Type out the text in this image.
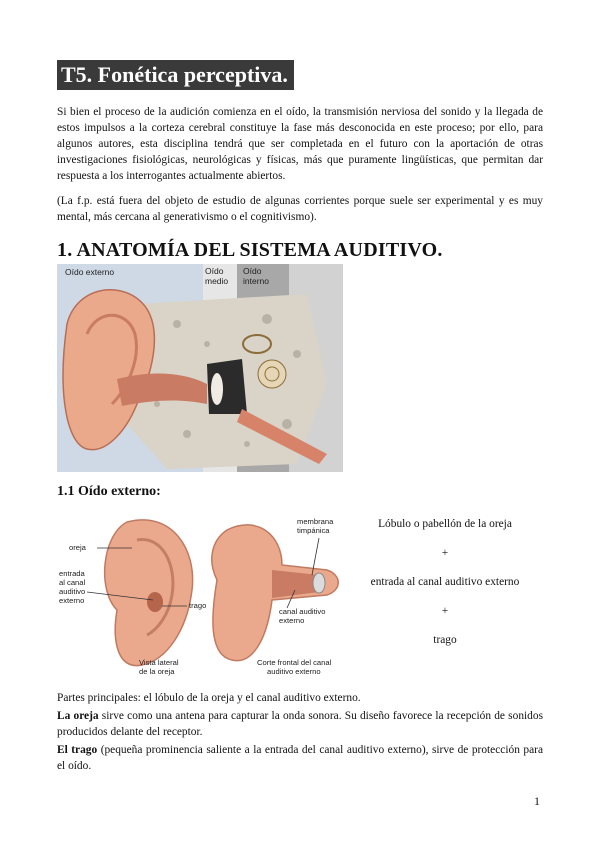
T5. Fonética perceptiva.

Si bien el proceso de la audición comienza en el oído, la transmisión nerviosa del sonido y la llegada de estos impulsos a la corteza cerebral constituye la fase más desconocida en este proceso; por ello, para algunos autores, esta disciplina tendrá que ser completada en el futuro con la aportación de otras investigaciones fisiológicas, neurológicas y físicas, más que puramente lingüísticas, que permitan dar respuesta a los interrogantes actualmente abiertos.

(La f.p. está fuera del objeto de estudio de algunas corrientes porque suele ser experimental y es muy mental, más cercana al generativismo o el cognitivismo).

1. ANATOMÍA DEL SISTEMA AUDITIVO.
Oído externo	Oído
medio
Oído
interno
1.1 Oído externo:
oreja
entrada
al canal
auditivo
externo
trago
membrana
timpánica
canal auditivo
externo
Vista lateral
de la oreja
Corte frontal del canal
auditivo externo
Lóbulo o pabellón de la oreja
+
entrada al canal auditivo externo
+
trago

Partes principales: el lóbulo de la oreja y el canal auditivo externo.

La oreja sirve como una antena para capturar la onda sonora. Su diseño favorece la recepción de sonidos producidos delante del receptor.

El trago (pequeña prominencia saliente a la entrada del canal auditivo externo), sirve de protección para el oído.

1
